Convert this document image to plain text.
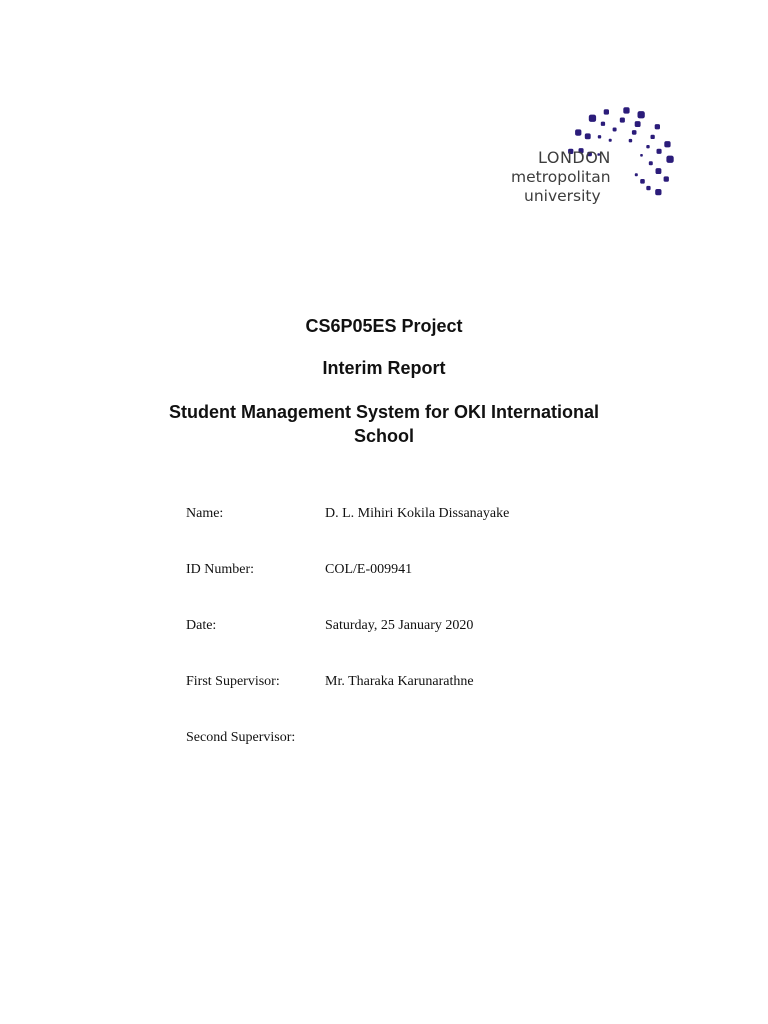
LONDON
metropolitan
university
CS6P05ES Project
Interim Report
Student Management System for OKI International
School
Name:	D. L. Mihiri Kokila Dissanayake
ID Number:	COL/E-009941
Date:	Saturday, 25 January 2020
First Supervisor:	Mr. Tharaka Karunarathne
Second Supervisor:
